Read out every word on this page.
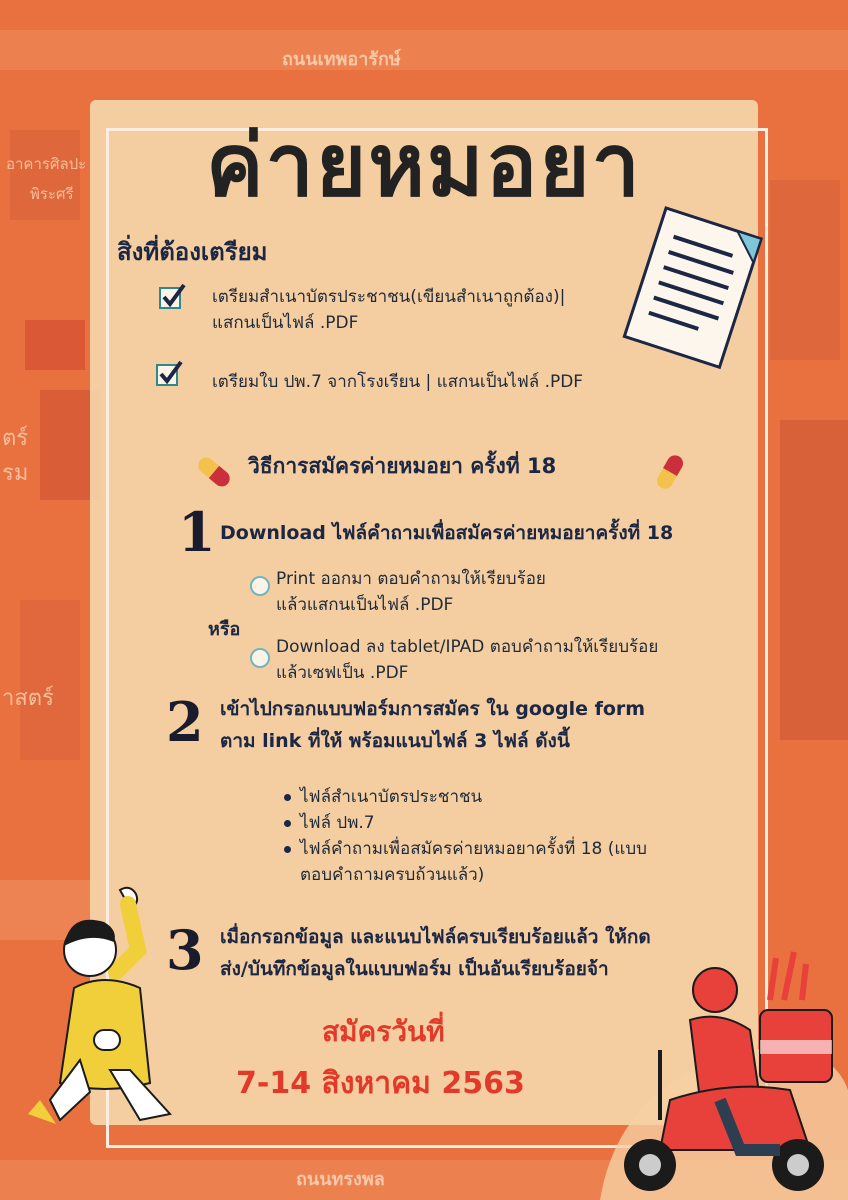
ถนนเทพอารักษ์
อาคารศิลปะ
พิระศรี
ตร์
รม
าสตร์
ถนนทรงพล
ค่ายหมอยา
สิ่งที่ต้องเตรียม
เตรียมสำเนาบัตรประชาชน(เขียนสำเนาถูกต้อง)|
แสกนเป็นไฟล์ .PDF
เตรียมใบ ปพ.7 จากโรงเรียน | แสกนเป็นไฟล์ .PDF
วิธีการสมัครค่ายหมอยา ครั้งที่ 18
1 Download ไฟล์คำถามเพื่อสมัครค่ายหมอยาครั้งที่ 18
Print ออกมา ตอบคำถามให้เรียบร้อย
แล้วแสกนเป็นไฟล์ .PDF
หรือ
Download ลง tablet/IPAD ตอบคำถามให้เรียบร้อย
แล้วเซฟเป็น .PDF
2 เข้าไปกรอกแบบฟอร์มการสมัคร ใน google form
ตาม link ที่ให้ พร้อมแนบไฟล์ 3 ไฟล์ ดังนี้
ไฟล์สำเนาบัตรประชาชน
ไฟล์ ปพ.7
ไฟล์คำถามเพื่อสมัครค่ายหมอยาครั้งที่ 18 (แบบ
ตอบคำถามครบถ้วนแล้ว)
3 เมื่อกรอกข้อมูล และแนบไฟล์ครบเรียบร้อยแล้ว ให้กด
ส่ง/บันทึกข้อมูลในแบบฟอร์ม เป็นอันเรียบร้อยจ้า
สมัครวันที่
7-14 สิงหาคม 2563
